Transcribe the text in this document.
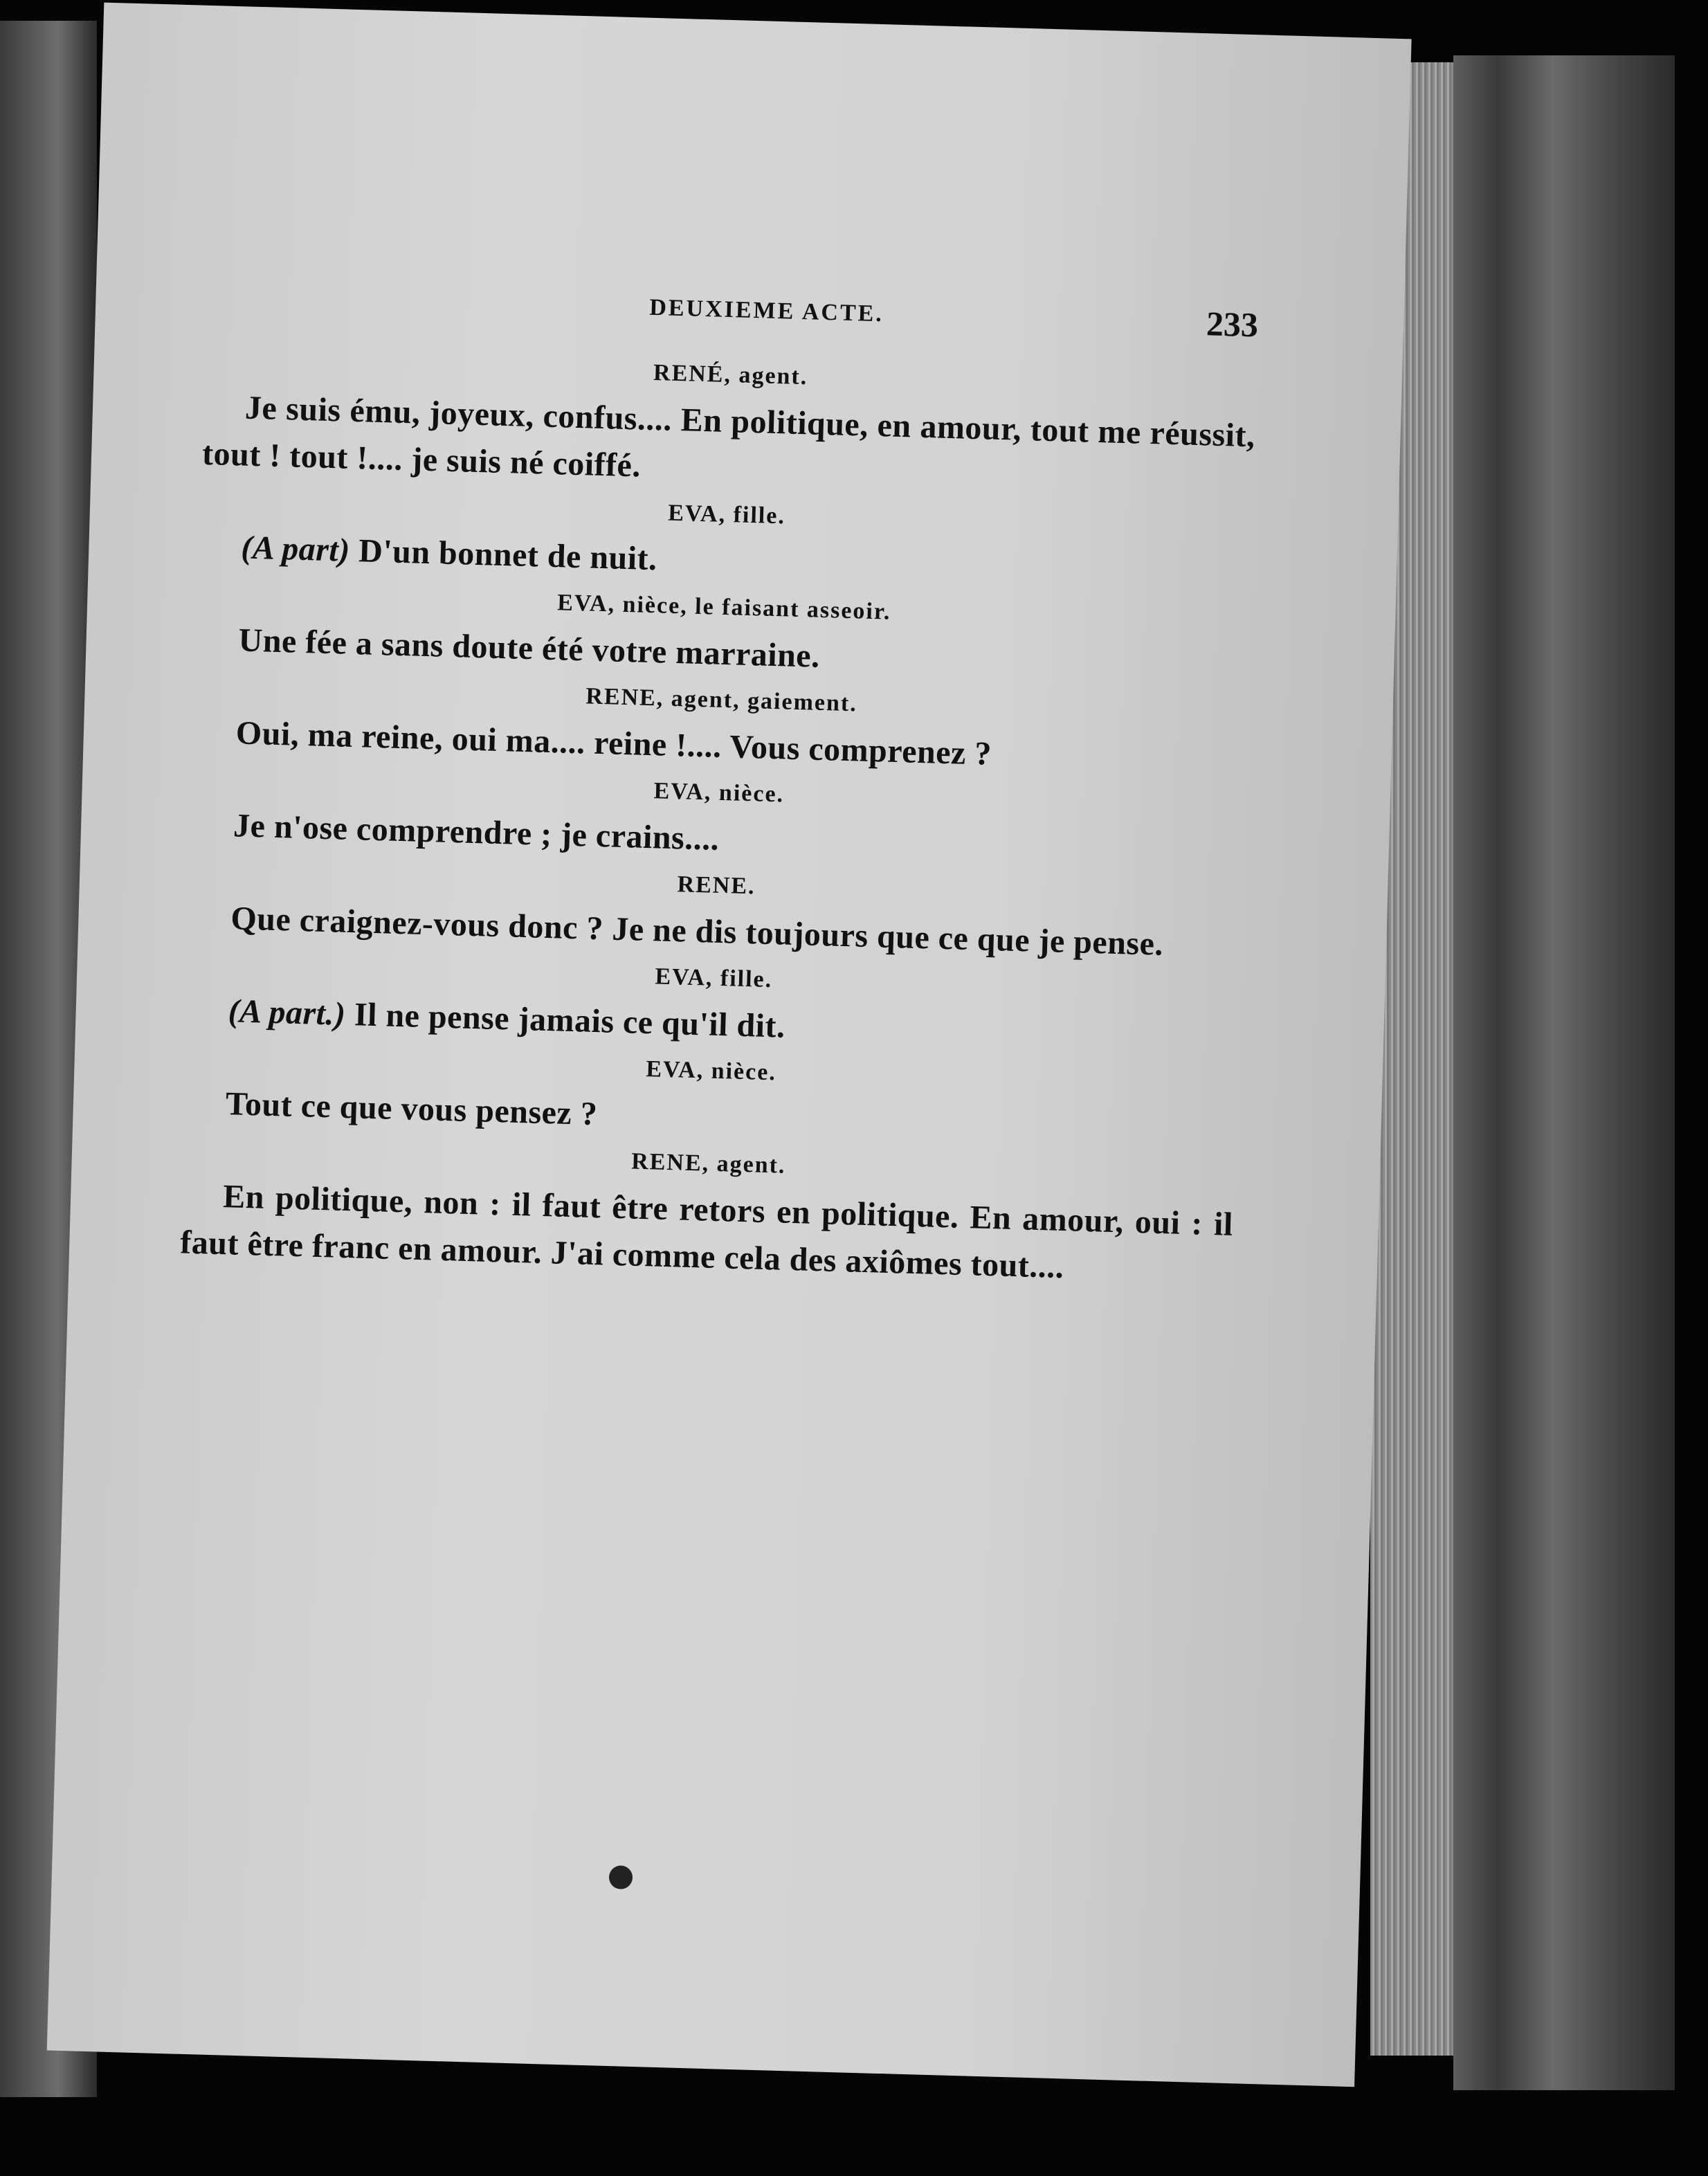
DEUXIEME ACTE.	233
RENÉ, agent.

Je suis ému, joyeux, confus.... En politique, en amour, tout me réussit, tout ! tout !.... je suis né coiffé.

EVA, fille.

(A part) D'un bonnet de nuit.

EVA, nièce, le faisant asseoir.

Une fée a sans doute été votre marraine.

RENE, agent, gaiement.

Oui, ma reine, oui ma.... reine !.... Vous comprenez ?

EVA, nièce.

Je n'ose comprendre ; je crains....

RENE.

Que craignez-vous donc ? Je ne dis toujours que ce que je pense.

EVA, fille.

(A part.) Il ne pense jamais ce qu'il dit.

EVA, nièce.

Tout ce que vous pensez ?

RENE, agent.

En politique, non : il faut être retors en politique. En amour, oui : il faut être franc en amour. J'ai comme cela des axiômes tout....
